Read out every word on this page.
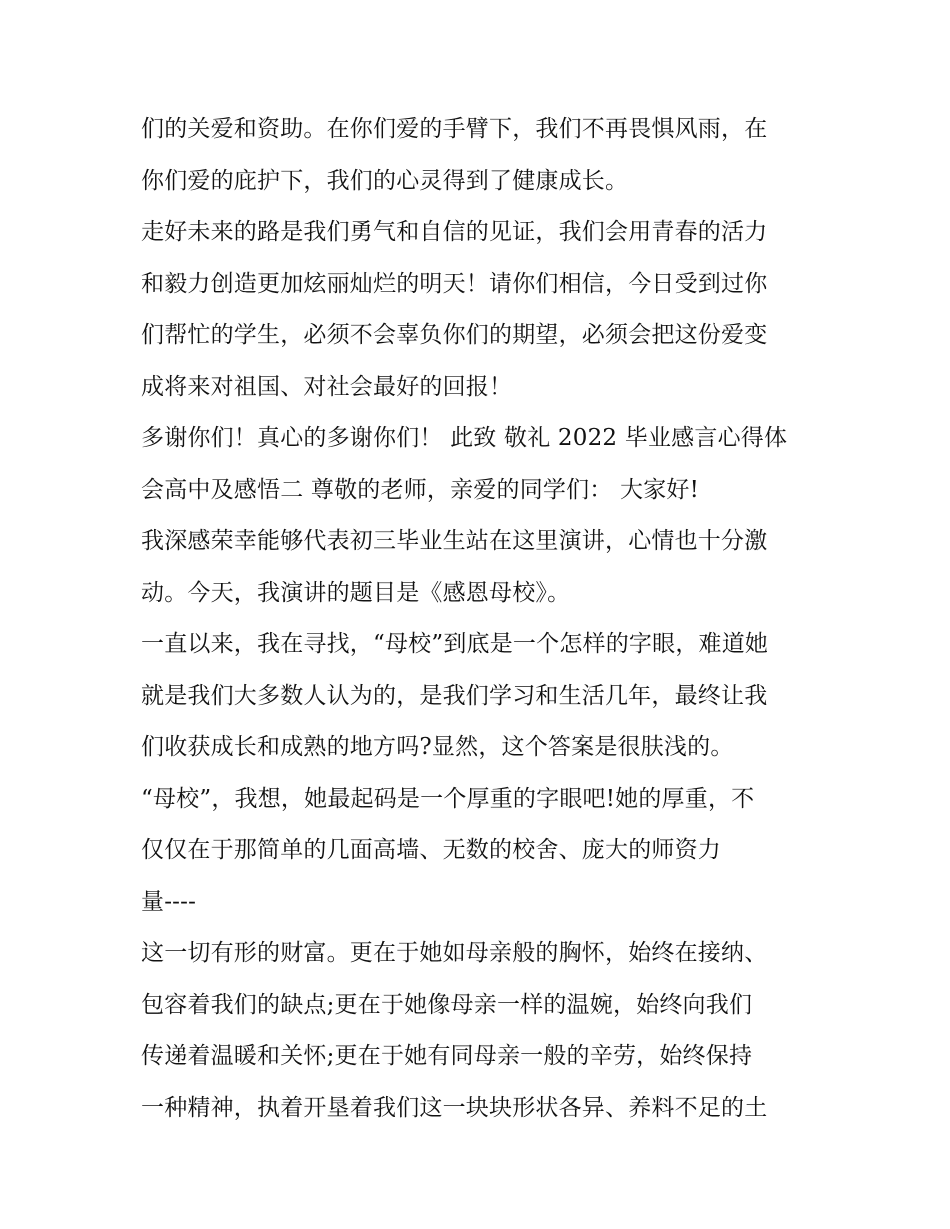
们的关爱和资助。在你们爱的手臂下，我们不再畏惧风雨，在
你们爱的庇护下，我们的心灵得到了健康成长。
走好未来的路是我们勇气和自信的见证，我们会用青春的活力
和毅力创造更加炫丽灿烂的明天！请你们相信，今日受到过你
们帮忙的学生，必须不会辜负你们的期望，必须会把这份爱变
成将来对祖国、对社会最好的回报！
多谢你们！真心的多谢你们！ 此致 敬礼 2022 毕业感言心得体
会高中及感悟二 尊敬的老师，亲爱的同学们： 大家好!
我深感荣幸能够代表初三毕业生站在这里演讲，心情也十分激
动。今天，我演讲的题目是《感恩母校》。
一直以来，我在寻找，“母校”到底是一个怎样的字眼，难道她
就是我们大多数人认为的，是我们学习和生活几年，最终让我
们收获成长和成熟的地方吗?显然，这个答案是很肤浅的。
“母校”，我想，她最起码是一个厚重的字眼吧!她的厚重，不
仅仅在于那简单的几面高墙、无数的校舍、庞大的师资力
量----
这一切有形的财富。更在于她如母亲般的胸怀，始终在接纳、
包容着我们的缺点;更在于她像母亲一样的温婉，始终向我们
传递着温暖和关怀;更在于她有同母亲一般的辛劳，始终保持
一种精神，执着开垦着我们这一块块形状各异、养料不足的土
